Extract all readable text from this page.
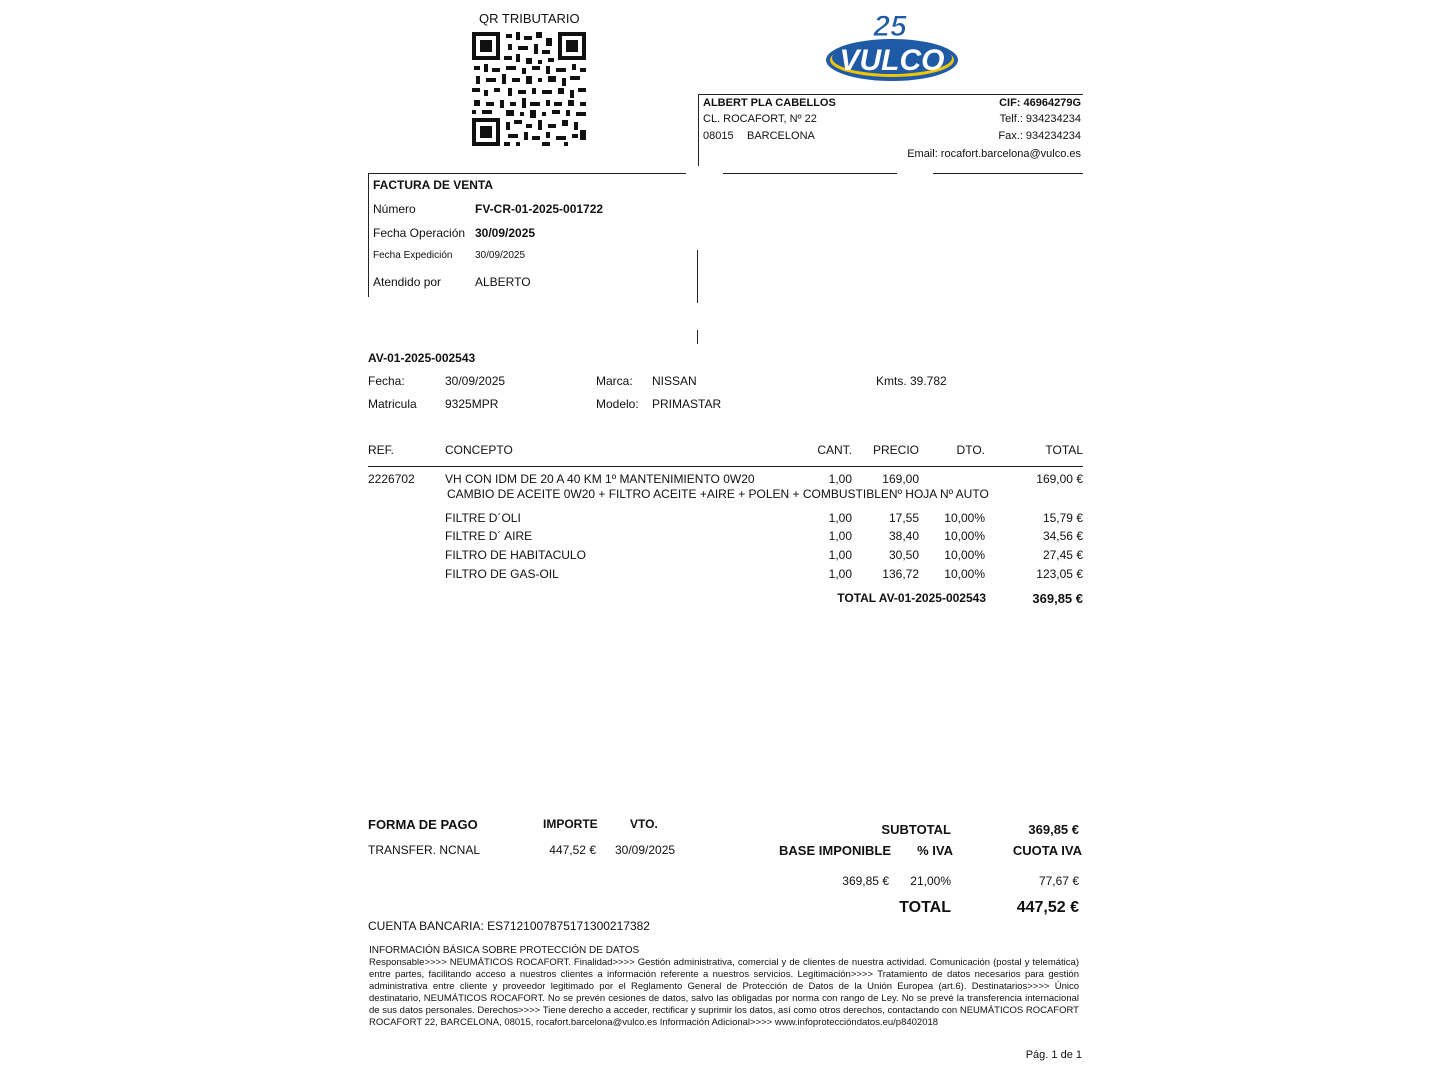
QR TRIBUTARIO
VULCO
25
ALBERT PLA CABELLOS	CIF: 46964279G
CL. ROCAFORT, Nº 22	Telf.: 934234234
08015 BARCELONA	Fax.: 934234234
Email: rocafort.barcelona@vulco.es
FACTURA DE VENTA
Número	FV-CR-01-2025-001722
Fecha Operación 30/09/2025
Fecha Expedición 30/09/2025
Atendido por	ALBERTO
AV-01-2025-002543
Fecha:	30/09/2025	Marca: NISSAN	Kmts. 39.782
Matricula 9325MPR	Modelo: PRIMASTAR
REF.	CONCEPTO	CANT. PRECIO	DTO.	TOTAL
2226702	VH CON IDM DE 20 A 40 KM 1º MANTENIMIENTO 0W20	1,00	169,00	169,00 €
CAMBIO DE ACEITE 0W20 + FILTRO ACEITE +AIRE + POLEN + COMBUSTIBLENº HOJA Nº AUTO
FILTRE D´OLI	1,00	17,55 10,00%	15,79 €
FILTRE D´ AIRE	1,00	38,40 10,00%	34,56 €
FILTRO DE HABITACULO	1,00	30,50 10,00%	27,45 €
FILTRO DE GAS-OIL	1,00	136,72 10,00%	123,05 €
TOTAL AV-01-2025-002543	369,85 €
FORMA DE PAGO	IMPORTE	VTO.
TRANSFER. NCNAL	447,52 € 30/09/2025
SUBTOTAL	369,85 €
BASE IMPONIBLE % IVA	CUOTA IVA
369,85 € 21,00%	77,67 €
TOTAL	447,52 €
CUENTA BANCARIA: ES7121007875171300217382
INFORMACIÓN BÁSICA SOBRE PROTECCIÓN DE DATOS
Responsable>>>> NEUMÁTICOS ROCAFORT. Finalidad>>>> Gestión administrativa, comercial y de clientes de nuestra actividad. Comunicación (postal y telemática) entre partes, facilitando acceso a nuestros clientes a información referente a nuestros servicios. Legitimación>>>> Tratamiento de datos necesarios para gestión administrativa entre cliente y proveedor legitimado por el Reglamento General de Protección de Datos de la Unión Europea (art.6). Destinatarios>>>> Único destinatario, NEUMÁTICOS ROCAFORT. No se prevén cesiones de datos, salvo las obligadas por norma con rango de Ley. No se prevé la transferencia internacional de sus datos personales. Derechos>>>> Tiene derecho a acceder, rectificar y suprimir los datos, así como otros derechos, contactando con NEUMÁTICOS ROCAFORT ROCAFORT 22, BARCELONA, 08015, rocafort.barcelona@vulco.es Información Adicional>>>> www.infoproteccióndatos.eu/p8402018
Pág. 1 de 1
